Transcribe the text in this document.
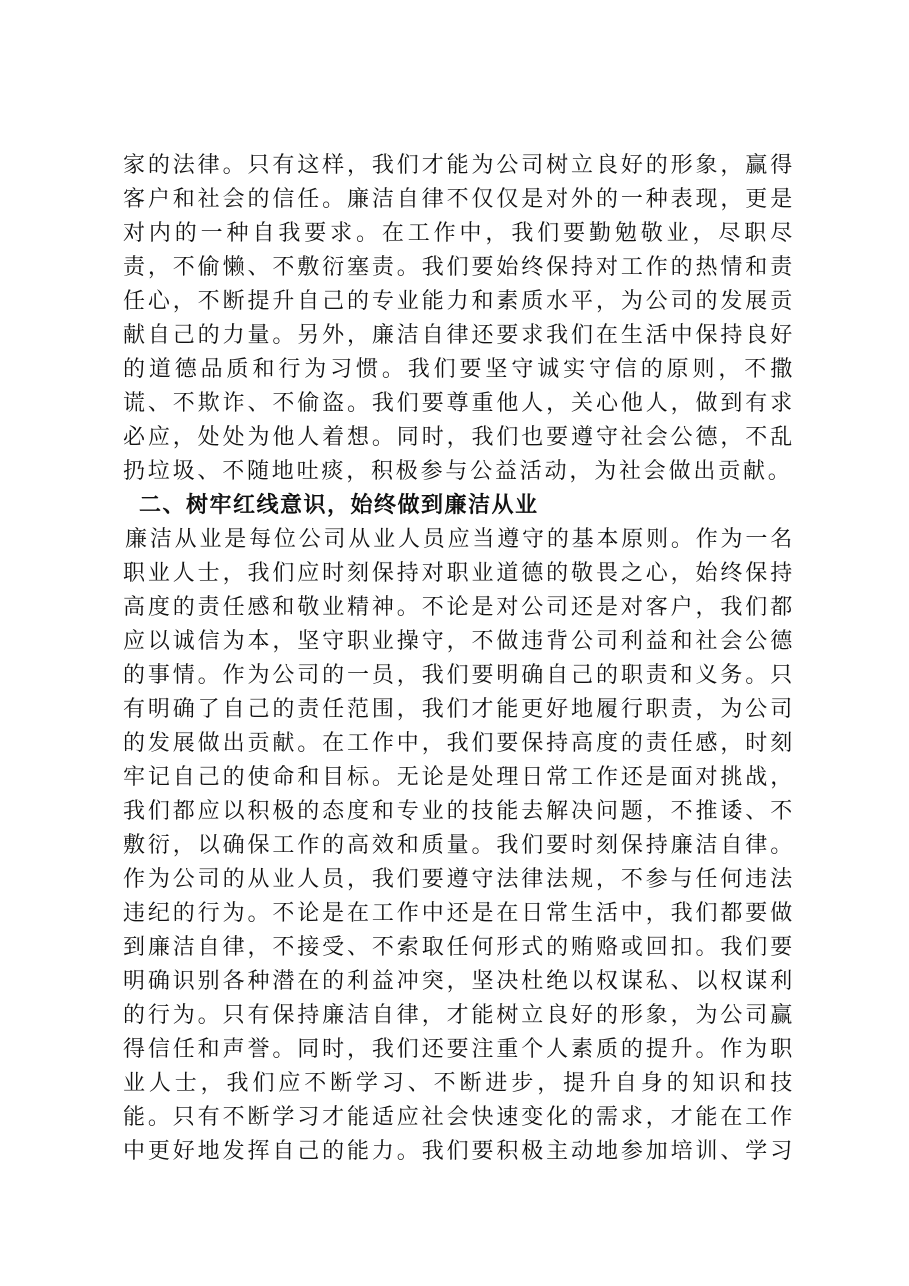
家的法律。只有这样，我们才能为公司树立良好的形象，赢得
客户和社会的信任。廉洁自律不仅仅是对外的一种表现，更是
对内的一种自我要求。在工作中，我们要勤勉敬业，尽职尽
责，不偷懒、不敷衍塞责。我们要始终保持对工作的热情和责
任心，不断提升自己的专业能力和素质水平，为公司的发展贡
献自己的力量。另外，廉洁自律还要求我们在生活中保持良好
的道德品质和行为习惯。我们要坚守诚实守信的原则，不撒
谎、不欺诈、不偷盗。我们要尊重他人，关心他人，做到有求
必应，处处为他人着想。同时，我们也要遵守社会公德，不乱
扔垃圾、不随地吐痰，积极参与公益活动，为社会做出贡献。
二、树牢红线意识，始终做到廉洁从业
廉洁从业是每位公司从业人员应当遵守的基本原则。作为一名
职业人士，我们应时刻保持对职业道德的敬畏之心，始终保持
高度的责任感和敬业精神。不论是对公司还是对客户，我们都
应以诚信为本，坚守职业操守，不做违背公司利益和社会公德
的事情。作为公司的一员，我们要明确自己的职责和义务。只
有明确了自己的责任范围，我们才能更好地履行职责，为公司
的发展做出贡献。在工作中，我们要保持高度的责任感，时刻
牢记自己的使命和目标。无论是处理日常工作还是面对挑战，
我们都应以积极的态度和专业的技能去解决问题，不推诿、不
敷衍，以确保工作的高效和质量。我们要时刻保持廉洁自律。
作为公司的从业人员，我们要遵守法律法规，不参与任何违法
违纪的行为。不论是在工作中还是在日常生活中，我们都要做
到廉洁自律，不接受、不索取任何形式的贿赂或回扣。我们要
明确识别各种潜在的利益冲突，坚决杜绝以权谋私、以权谋利
的行为。只有保持廉洁自律，才能树立良好的形象，为公司赢
得信任和声誉。同时，我们还要注重个人素质的提升。作为职
业人士，我们应不断学习、不断进步，提升自身的知识和技
能。只有不断学习才能适应社会快速变化的需求，才能在工作
中更好地发挥自己的能力。我们要积极主动地参加培训、学习
